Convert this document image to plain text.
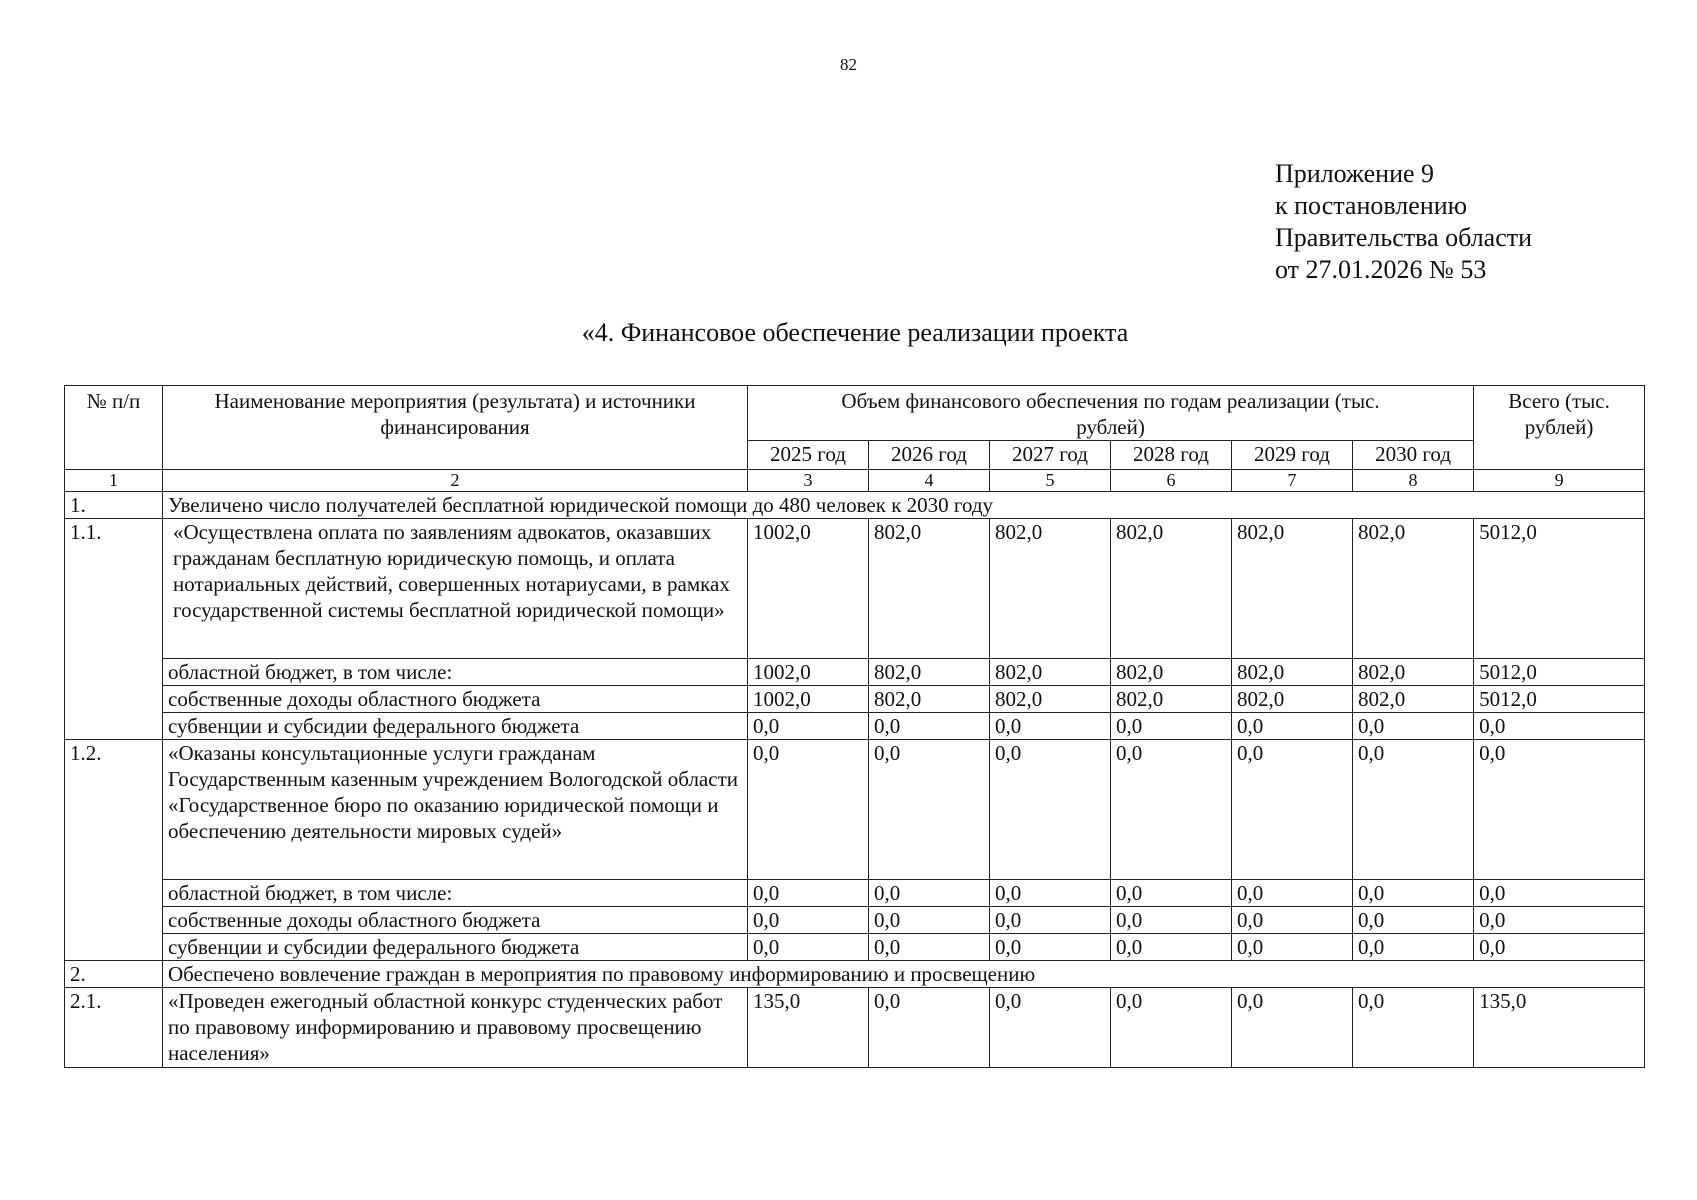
82
Приложение 9
к постановлению
Правительства области
от 27.01.2026 № 53
«4. Финансовое обеспечение реализации проекта
№ п/п	Наименование мероприятия (результата) и источники финансирования	Объем финансового обеспечения по годам реализации (тыс. рублей)						Всего (тыс. рублей)
		2025 год	2026 год	2027 год	2028 год	2029 год	2030 год	
1	2	3	4	5	6	7	8	9
1.	Увеличено число получателей бесплатной юридической помощи до 480 человек к 2030 году							
1.1.	«Осуществлена оплата по заявлениям адвокатов, оказавших гражданам бесплатную юридическую помощь, и оплата нотариальных действий, совершенных нотариусами, в рамках государственной системы бесплатной юридической помощи»	1002,0	802,0	802,0	802,0	802,0	802,0	5012,0
	областной бюджет, в том числе:	1002,0	802,0	802,0	802,0	802,0	802,0	5012,0
	собственные доходы областного бюджета	1002,0	802,0	802,0	802,0	802,0	802,0	5012,0
	субвенции и субсидии федерального бюджета	0,0	0,0	0,0	0,0	0,0	0,0	0,0
1.2.	«Оказаны консультационные услуги гражданам Государственным казенным учреждением Вологодской области «Государственное бюро по оказанию юридической помощи и обеспечению деятельности мировых судей»	0,0	0,0	0,0	0,0	0,0	0,0	0,0
	областной бюджет, в том числе:	0,0	0,0	0,0	0,0	0,0	0,0	0,0
	собственные доходы областного бюджета	0,0	0,0	0,0	0,0	0,0	0,0	0,0
	субвенции и субсидии федерального бюджета	0,0	0,0	0,0	0,0	0,0	0,0	0,0
2.	Обеспечено вовлечение граждан в мероприятия по правовому информированию и просвещению							
2.1.	«Проведен ежегодный областной конкурс студенческих работ по правовому информированию и правовому просвещению населения»	135,0	0,0	0,0	0,0	0,0	0,0	135,0
